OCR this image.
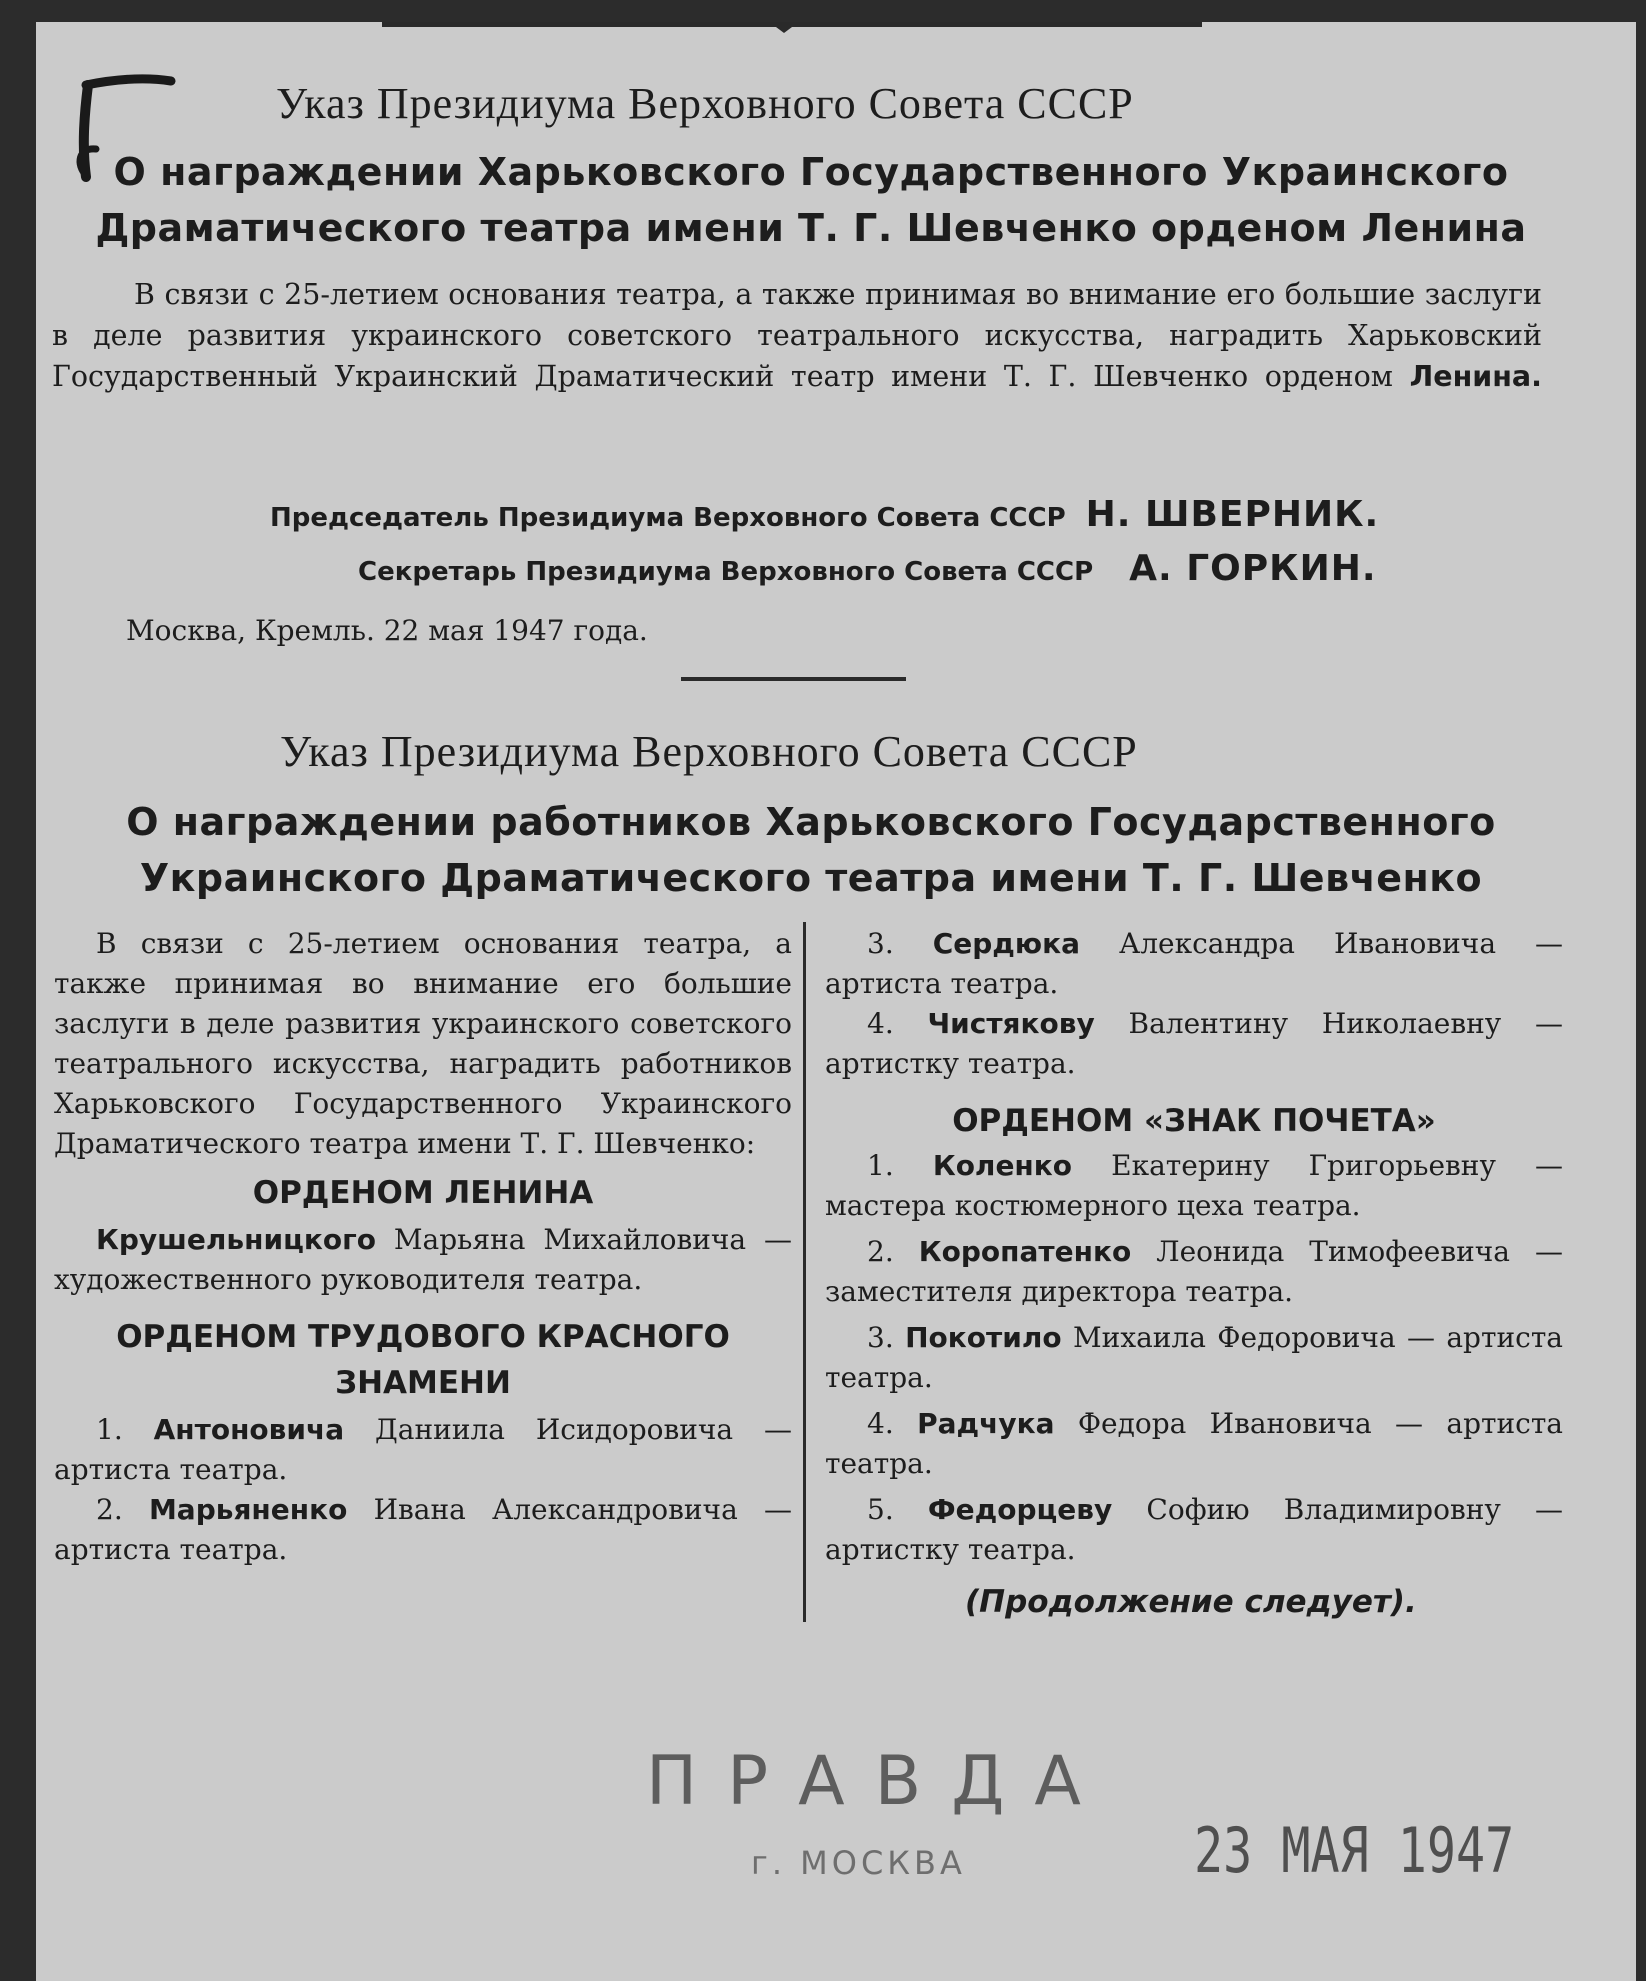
Указ Президиума Верховного Совета СССР
О награждении Харьковского Государственного Украинского
Драматического театра имени Т. Г. Шевченко орденом Ленина
В связи с 25-летием основания театра, а также принимая во внимание его большие заслуги в деле развития украинского советского театрального искусства, наградить Харьковский Государственный Украинский Драматический театр имени Т. Г. Шевченко орденом Ленина.
Председатель Президиума Верховного Совета СССР Н. ШВЕРНИК.
Секретарь Президиума Верховного Совета СССР А. ГОРКИН.
Москва, Кремль. 22 мая 1947 года.
Указ Президиума Верховного Совета СССР
О награждении работников Харьковского Государственного
Украинского Драматического театра имени Т. Г. Шевченко

В связи с 25-летием основания театра, а также принимая во внимание его большие заслуги в деле развития украинского советского театрального искусства, наградить работников Харьковского Государственного Украинского Драматического театра имени Т. Г. Шевченко:

ОРДЕНОМ ЛЕНИНА

Крушельницкого Марьяна Михайловича — художественного руководителя театра.

ОРДЕНОМ ТРУДОВОГО КРАСНОГО ЗНАМЕНИ

1. Антоновича Даниила Исидоровича — артиста театра.

2. Марьяненко Ивана Александровича — артиста театра.

3. Сердюка Александра Ивановича — артиста театра.

4. Чистякову Валентину Николаевну — артистку театра.

ОРДЕНОМ «ЗНАК ПОЧЕТА»

1. Коленко Екатерину Григорьевну — мастера костюмерного цеха театра.

2. Коропатенко Леонида Тимофеевича — заместителя директора театра.

3. Покотило Михаила Федоровича — артиста театра.

4. Радчука Федора Ивановича — артиста театра.

5. Федорцеву Софию Владимировну — артистку театра.

(Продолжение следует).
ПРАВДА
г. МОСКВА	23 МАЯ 1947
